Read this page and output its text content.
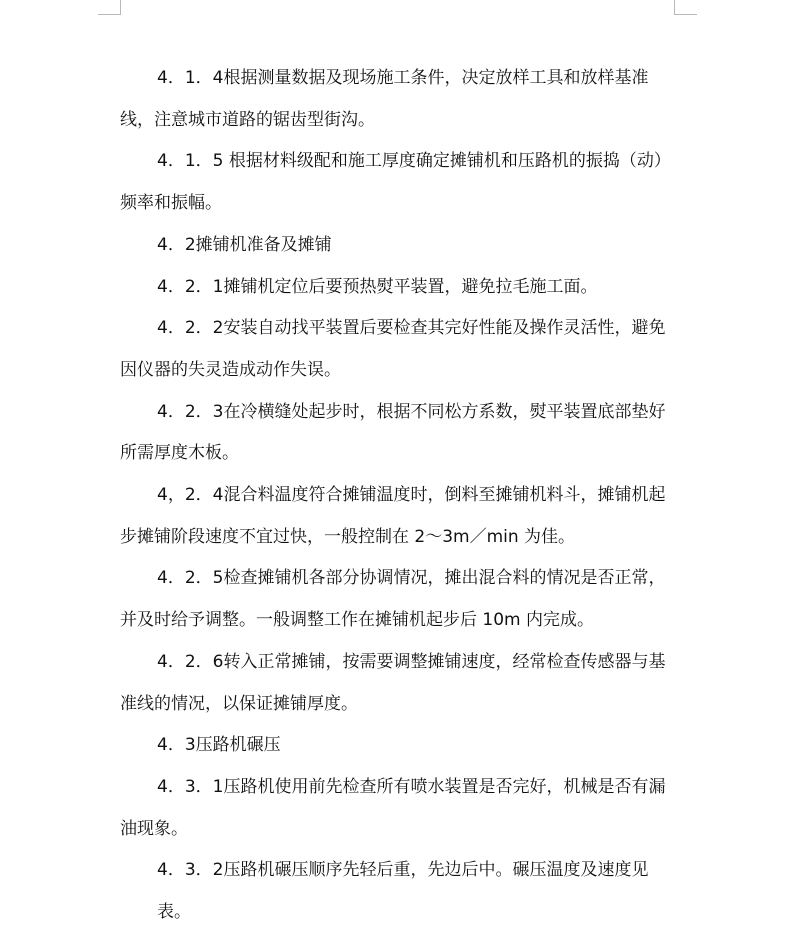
4．1．4根据测量数据及现场施工条件，决定放样工具和放样基准线，注意城市道路的锯齿型街沟。

4．1．5 根据材料级配和施工厚度确定摊铺机和压路机的振捣（动）频率和振幅。

4．2摊铺机准备及摊铺

4．2．1摊铺机定位后要预热熨平装置，避免拉毛施工面。

4．2．2安装自动找平装置后要检查其完好性能及操作灵活性，避免因仪器的失灵造成动作失误。

4．2．3在冷横缝处起步时，根据不同松方系数，熨平装置底部垫好所需厚度木板。

4，2．4混合料温度符合摊铺温度时，倒料至摊铺机料斗，摊铺机起步摊铺阶段速度不宜过快，一般控制在 2～3m／min 为佳。

4．2．5检查摊铺机各部分协调情况，摊出混合料的情况是否正常，并及时给予调整。一般调整工作在摊铺机起步后 10m 内完成。

4．2．6转入正常摊铺，按需要调整摊铺速度，经常检查传感器与基准线的情况，以保证摊铺厚度。

4．3压路机碾压

4．3．1压路机使用前先检查所有喷水装置是否完好，机械是否有漏油现象。

4．3．2压路机碾压顺序先轻后重，先边后中。碾压温度及速度见表。
